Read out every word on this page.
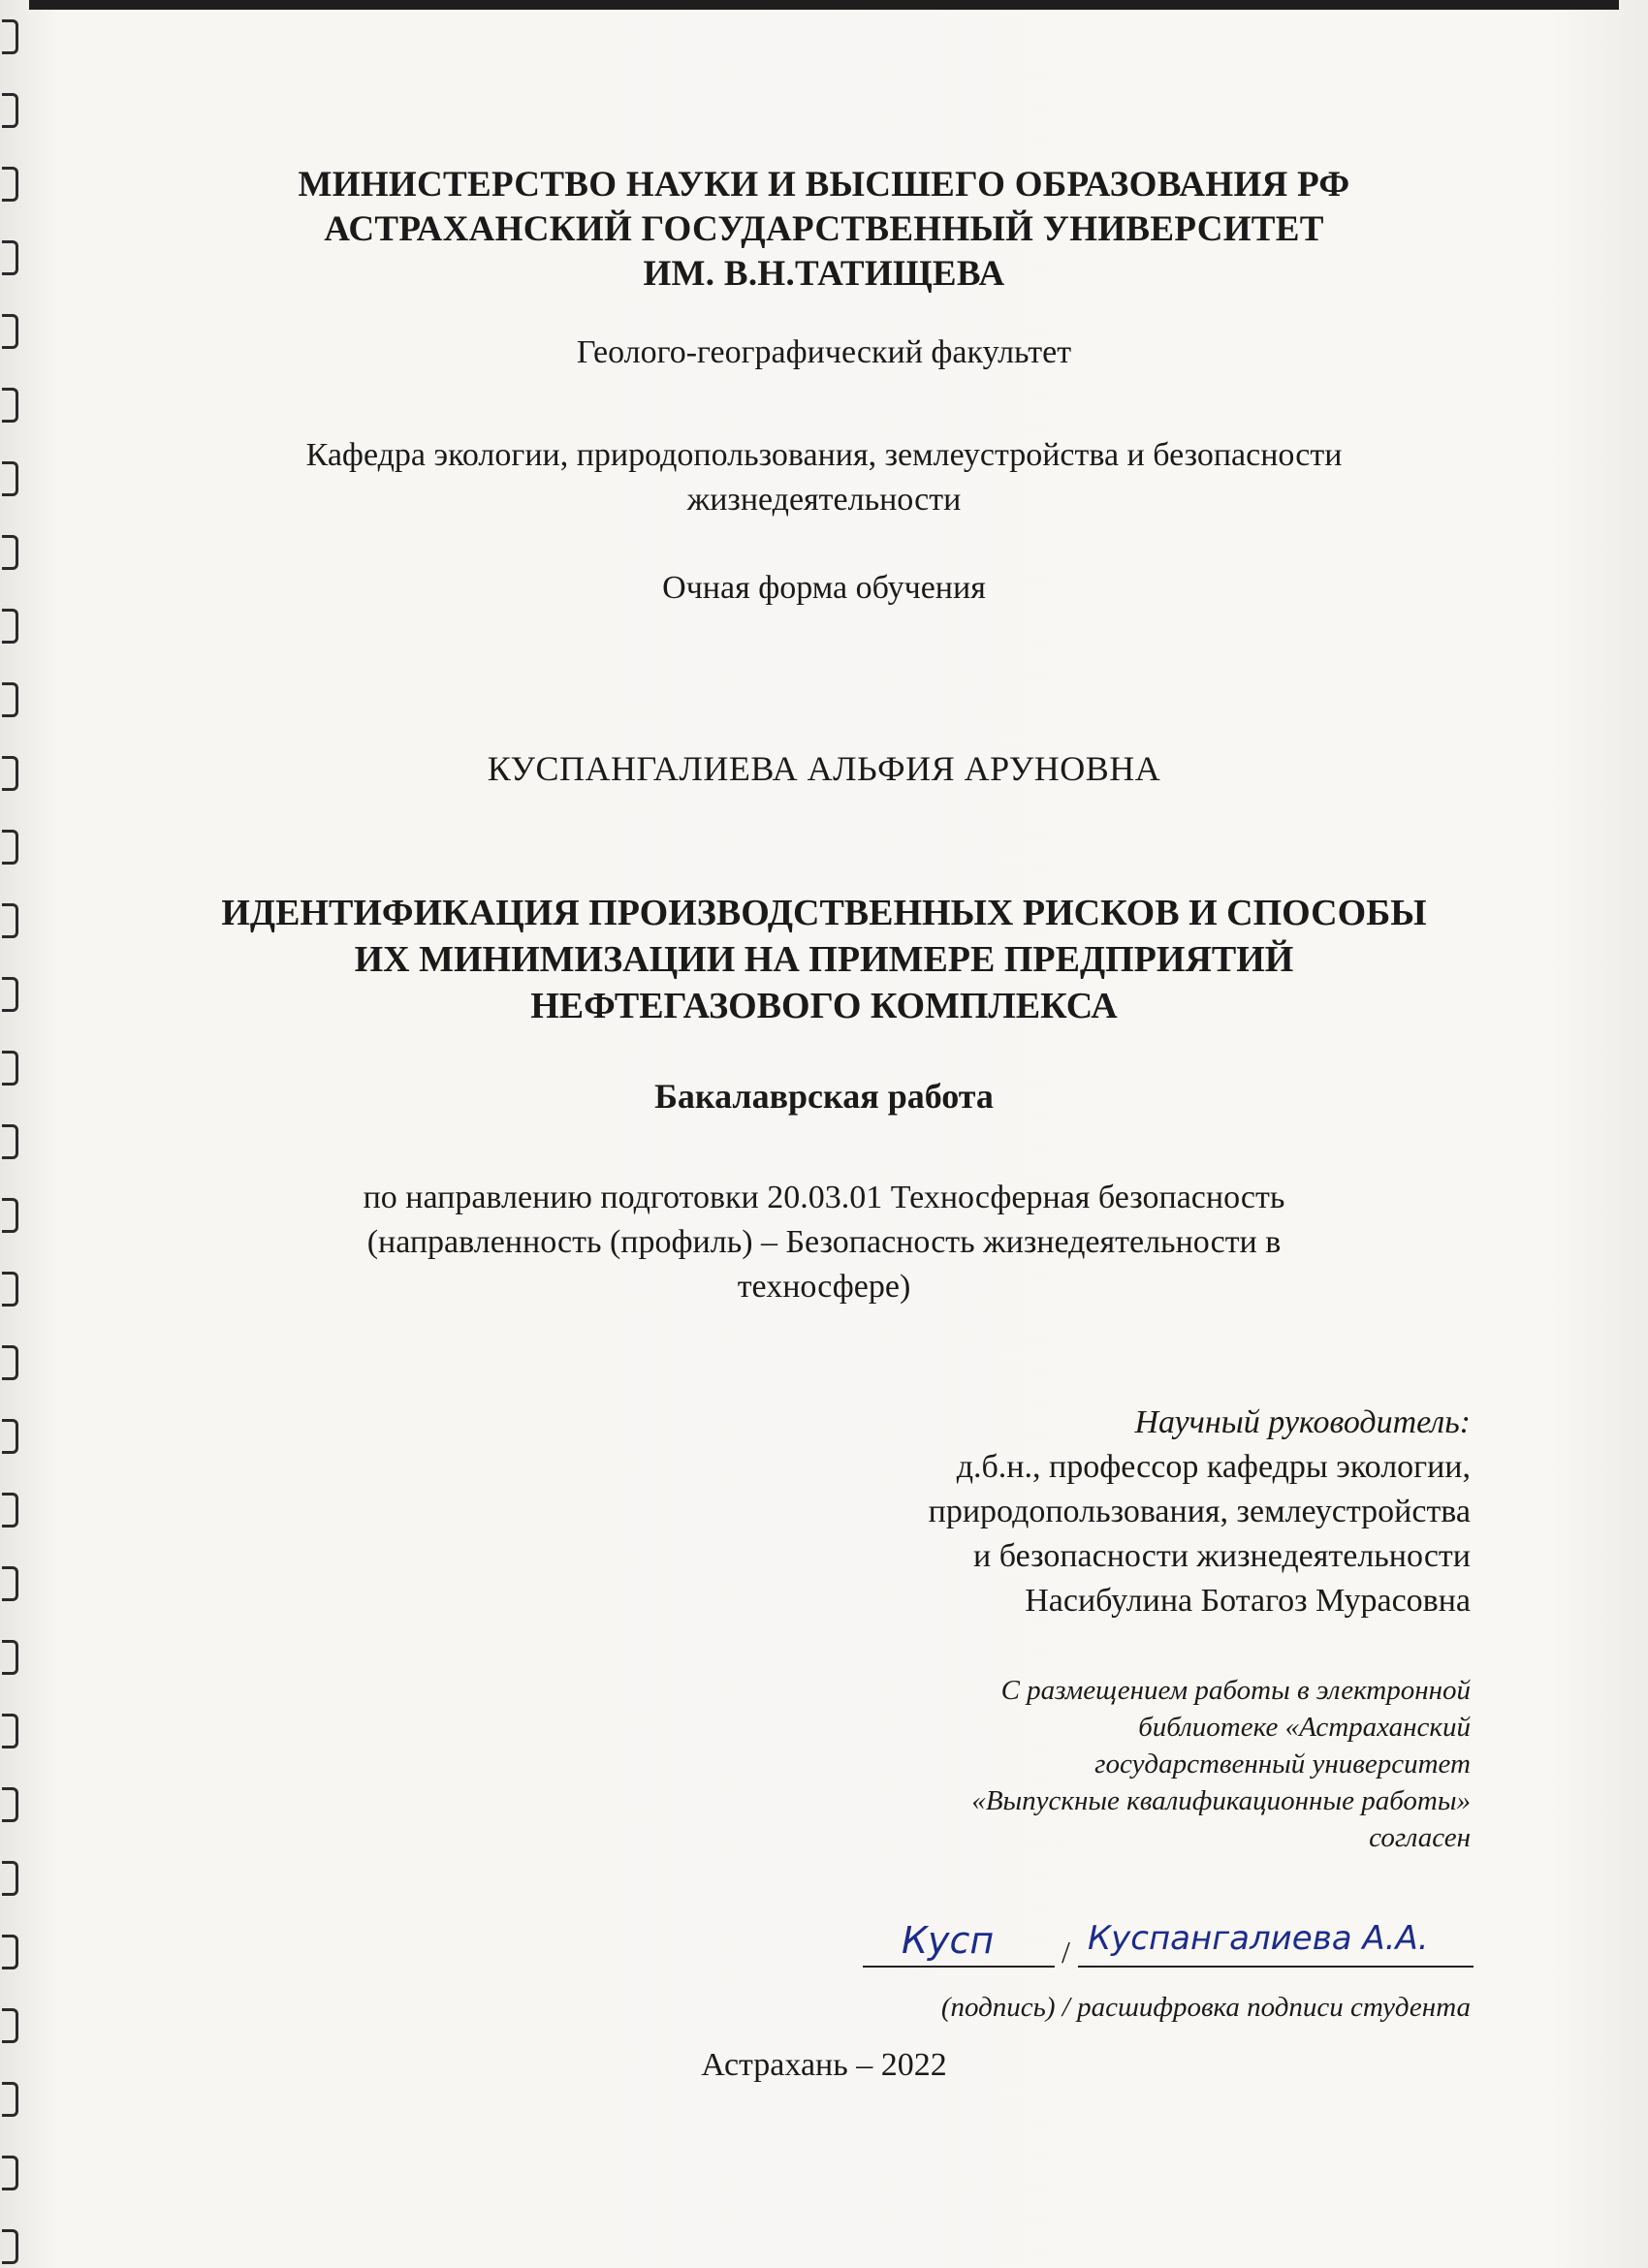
МИНИСТЕРСТВО НАУКИ И ВЫСШЕГО ОБРАЗОВАНИЯ РФ
АСТРАХАНСКИЙ ГОСУДАРСТВЕННЫЙ УНИВЕРСИТЕТ
ИМ. В.Н.ТАТИЩЕВА
Геолого-географический факультет
Кафедра экологии, природопользования, землеустройства и безопасности
жизнедеятельности
Очная форма обучения
КУСПАНГАЛИЕВА АЛЬФИЯ АРУНОВНА
ИДЕНТИФИКАЦИЯ ПРОИЗВОДСТВЕННЫХ РИСКОВ И СПОСОБЫ
ИХ МИНИМИЗАЦИИ НА ПРИМЕРЕ ПРЕДПРИЯТИЙ
НЕФТЕГАЗОВОГО КОМПЛЕКСА
Бакалаврская работа
по направлению подготовки 20.03.01 Техносферная безопасность
(направленность (профиль) – Безопасность жизнедеятельности в
техносфере)
Научный руководитель:
д.б.н., профессор кафедры экологии,
природопользования, землеустройства
и безопасности жизнедеятельности
Насибулина Ботагоз Мурасовна
С размещением работы в электронной
библиотеке «Астраханский
государственный университет
«Выпускные квалификационные работы»
согласен
Кусп / Куспангалиева А.А.
(подпись) / расшифровка подписи студента
Астрахань – 2022
